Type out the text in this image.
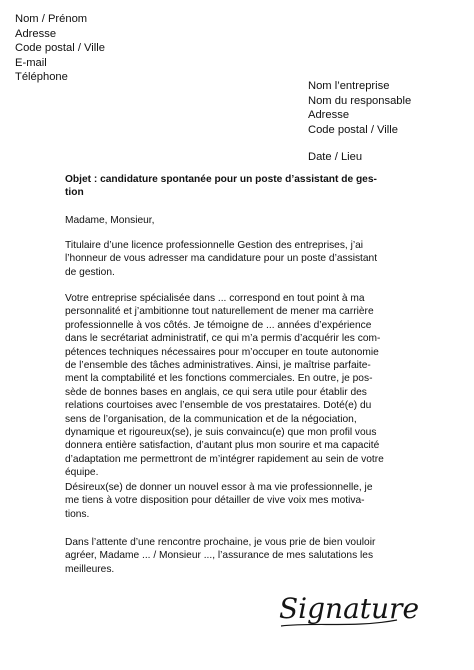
Nom / Prénom
Adresse
Code postal / Ville
E-mail
Téléphone
Nom l’entreprise
Nom du responsable
Adresse
Code postal / Ville
Date / Lieu
Objet : candidature spontanée pour un poste d’assistant de ges-
tion
Madame, Monsieur,
Titulaire d’une licence professionnelle Gestion des entreprises, j’ai
l’honneur de vous adresser ma candidature pour un poste d’assistant
de gestion.
Votre entreprise spécialisée dans ... correspond en tout point à ma
personnalité et j’ambitionne tout naturellement de mener ma carrière
professionnelle à vos côtés. Je témoigne de ... années d’expérience
dans le secrétariat administratif, ce qui m’a permis d’acquérir les com-
pétences techniques nécessaires pour m’occuper en toute autonomie
de l’ensemble des tâches administratives. Ainsi, je maîtrise parfaite-
ment la comptabilité et les fonctions commerciales. En outre, je pos-
sède de bonnes bases en anglais, ce qui sera utile pour établir des
relations courtoises avec l’ensemble de vos prestataires. Doté(e) du
sens de l’organisation, de la communication et de la négociation,
dynamique et rigoureux(se), je suis convaincu(e) que mon profil vous
donnera entière satisfaction, d’autant plus mon sourire et ma capacité
d’adaptation me permettront de m’intégrer rapidement au sein de votre
équipe.
Désireux(se) de donner un nouvel essor à ma vie professionnelle, je
me tiens à votre disposition pour détailler de vive voix mes motiva-
tions.
Dans l’attente d’une rencontre prochaine, je vous prie de bien vouloir
agréer, Madame ... / Monsieur ..., l’assurance de mes salutations les
meilleures.
Signature
